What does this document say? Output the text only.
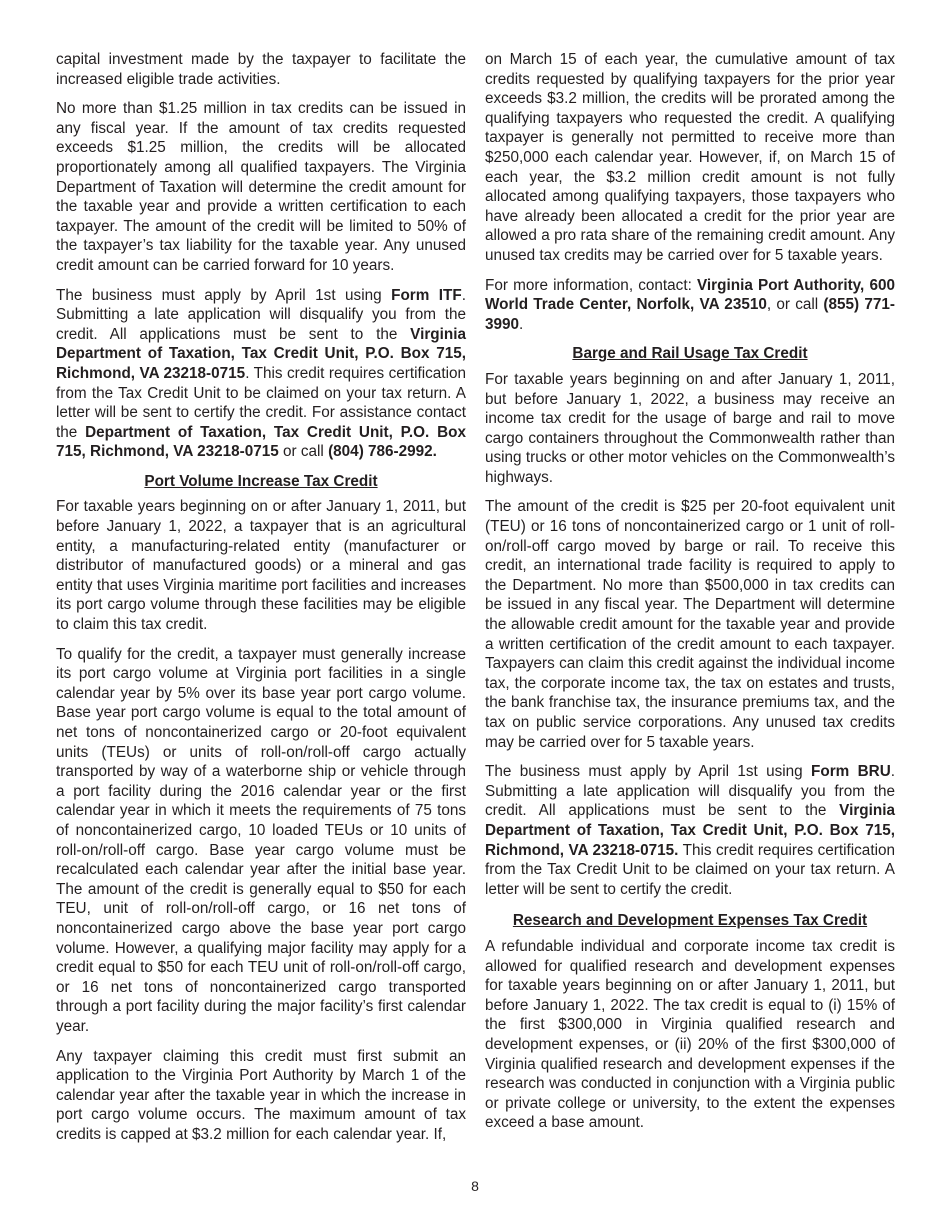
capital investment made by the taxpayer to facilitate the increased eligible trade activities.

No more than $1.25 million in tax credits can be issued in any fiscal year. If the amount of tax credits requested exceeds $1.25 million, the credits will be allocated proportionately among all qualified taxpayers. The Virginia Department of Taxation will determine the credit amount for the taxable year and provide a written certification to each taxpayer. The amount of the credit will be limited to 50% of the taxpayer’s tax liability for the taxable year. Any unused credit amount can be carried forward for 10 years.

The business must apply by April 1st using Form ITF. Submitting a late application will disqualify you from the credit. All applications must be sent to the Virginia Department of Taxation, Tax Credit Unit, P.O. Box 715, Richmond, VA 23218-0715. This credit requires certification from the Tax Credit Unit to be claimed on your tax return. A letter will be sent to certify the credit. For assistance contact the Department of Taxation, Tax Credit Unit, P.O. Box 715, Richmond, VA 23218-0715 or call (804) 786-2992.

Port Volume Increase Tax Credit

For taxable years beginning on or after January 1, 2011, but before January 1, 2022, a taxpayer that is an agricultural entity, a manufacturing-related entity (manufacturer or distributor of manufactured goods) or a mineral and gas entity that uses Virginia maritime port facilities and increases its port cargo volume through these facilities may be eligible to claim this tax credit.

To qualify for the credit, a taxpayer must generally increase its port cargo volume at Virginia port facilities in a single calendar year by 5% over its base year port cargo volume. Base year port cargo volume is equal to the total amount of net tons of noncontainerized cargo or 20-foot equivalent units (TEUs) or units of roll-on/roll-off cargo actually transported by way of a waterborne ship or vehicle through a port facility during the 2016 calendar year or the first calendar year in which it meets the requirements of 75 tons of noncontainerized cargo, 10 loaded TEUs or 10 units of roll-on/roll-off cargo. Base year cargo volume must be recalculated each calendar year after the initial base year. The amount of the credit is generally equal to $50 for each TEU, unit of roll-on/roll-off cargo, or 16 net tons of noncontainerized cargo above the base year port cargo volume. However, a qualifying major facility may apply for a credit equal to $50 for each TEU unit of roll-on/roll-off cargo, or 16 net tons of noncontainerized cargo transported through a port facility during the major facility’s first calendar year.

Any taxpayer claiming this credit must first submit an application to the Virginia Port Authority by March 1 of the calendar year after the taxable year in which the increase in port cargo volume occurs. The maximum amount of tax credits is capped at $3.2 million for each calendar year. If,

on March 15 of each year, the cumulative amount of tax credits requested by qualifying taxpayers for the prior year exceeds $3.2 million, the credits will be prorated among the qualifying taxpayers who requested the credit. A qualifying taxpayer is generally not permitted to receive more than $250,000 each calendar year. However, if, on March 15 of each year, the $3.2 million credit amount is not fully allocated among qualifying taxpayers, those taxpayers who have already been allocated a credit for the prior year are allowed a pro rata share of the remaining credit amount. Any unused tax credits may be carried over for 5 taxable years.

For more information, contact: Virginia Port Authority, 600 World Trade Center, Norfolk, VA 23510, or call (855) 771-3990.

Barge and Rail Usage Tax Credit

For taxable years beginning on and after January 1, 2011, but before January 1, 2022, a business may receive an income tax credit for the usage of barge and rail to move cargo containers throughout the Commonwealth rather than using trucks or other motor vehicles on the Commonwealth’s highways.

The amount of the credit is $25 per 20-foot equivalent unit (TEU) or 16 tons of noncontainerized cargo or 1 unit of roll-on/roll-off cargo moved by barge or rail. To receive this credit, an international trade facility is required to apply to the Department. No more than $500,000 in tax credits can be issued in any fiscal year. The Department will determine the allowable credit amount for the taxable year and provide a written certification of the credit amount to each taxpayer. Taxpayers can claim this credit against the individual income tax, the corporate income tax, the tax on estates and trusts, the bank franchise tax, the insurance premiums tax, and the tax on public service corporations. Any unused tax credits may be carried over for 5 taxable years.

The business must apply by April 1st using Form BRU. Submitting a late application will disqualify you from the credit. All applications must be sent to the Virginia Department of Taxation, Tax Credit Unit, P.O. Box 715, Richmond, VA 23218-0715. This credit requires certification from the Tax Credit Unit to be claimed on your tax return. A letter will be sent to certify the credit.

Research and Development Expenses Tax Credit

A refundable individual and corporate income tax credit is allowed for qualified research and development expenses for taxable years beginning on or after January 1, 2011, but before January 1, 2022. The tax credit is equal to (i) 15% of the first $300,000 in Virginia qualified research and development expenses, or (ii) 20% of the first $300,000 of Virginia qualified research and development expenses if the research was conducted in conjunction with a Virginia public or private college or university, to the extent the expenses exceed a base amount.

8
